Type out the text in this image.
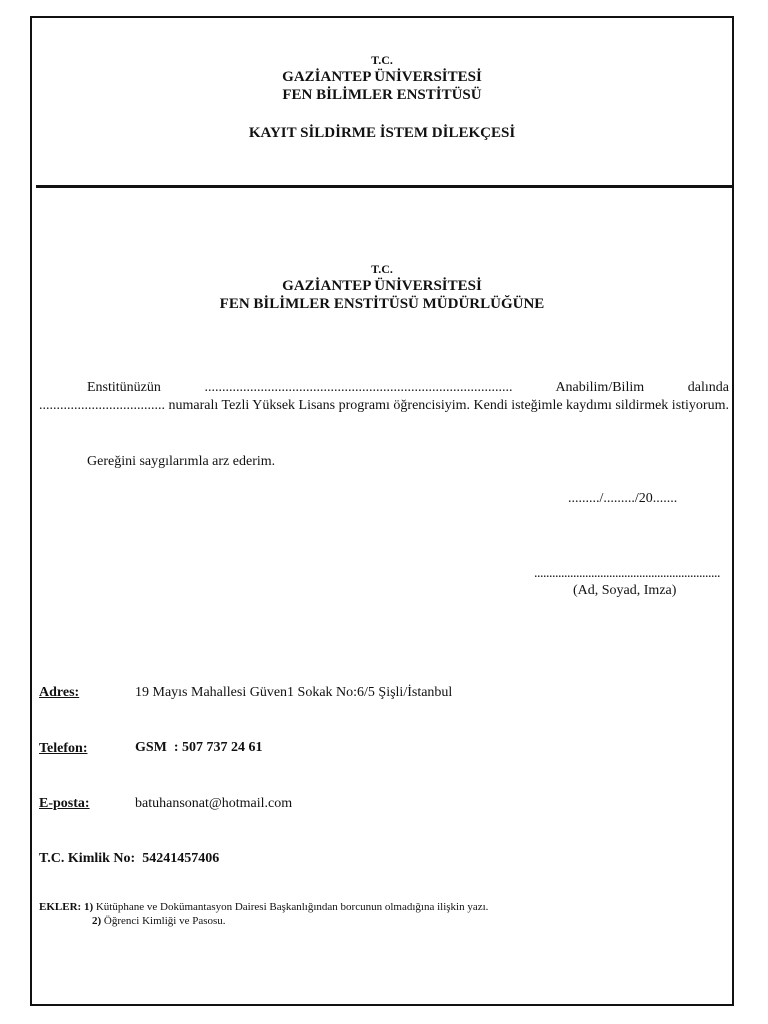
T.C.
GAZİANTEP ÜNİVERSİTESİ
FEN BİLİMLER ENSTİTÜSÜ
KAYIT SİLDİRME İSTEM DİLEKÇESİ
T.C.
GAZİANTEP ÜNİVERSİTESİ
FEN BİLİMLER ENSTİTÜSÜ MÜDÜRLÜĞÜNE
Enstitünüzün ........................................................................................ Anabilim/Bilim dalında .................................... numaralı Tezli Yüksek Lisans programı öğrencisiyim. Kendi isteğimle kaydımı sildirmek istiyorum.
Gereğini saygılarımla arz ederim.
........./........./20.......
..............................................................
(Ad, Soyad, Imza)
Adres:	19 Mayıs Mahallesi Güven1 Sokak No:6/5 Şişli/İstanbul
Telefon:	GSM  : 507 737 24 61
E-posta:	batuhansonat@hotmail.com
T.C. Kimlik No: 54241457406
EKLER: 1) Kütüphane ve Dokümantasyon Dairesi Başkanlığından borcunun olmadığına ilişkin yazı.
2) Öğrenci Kimliği ve Pasosu.
